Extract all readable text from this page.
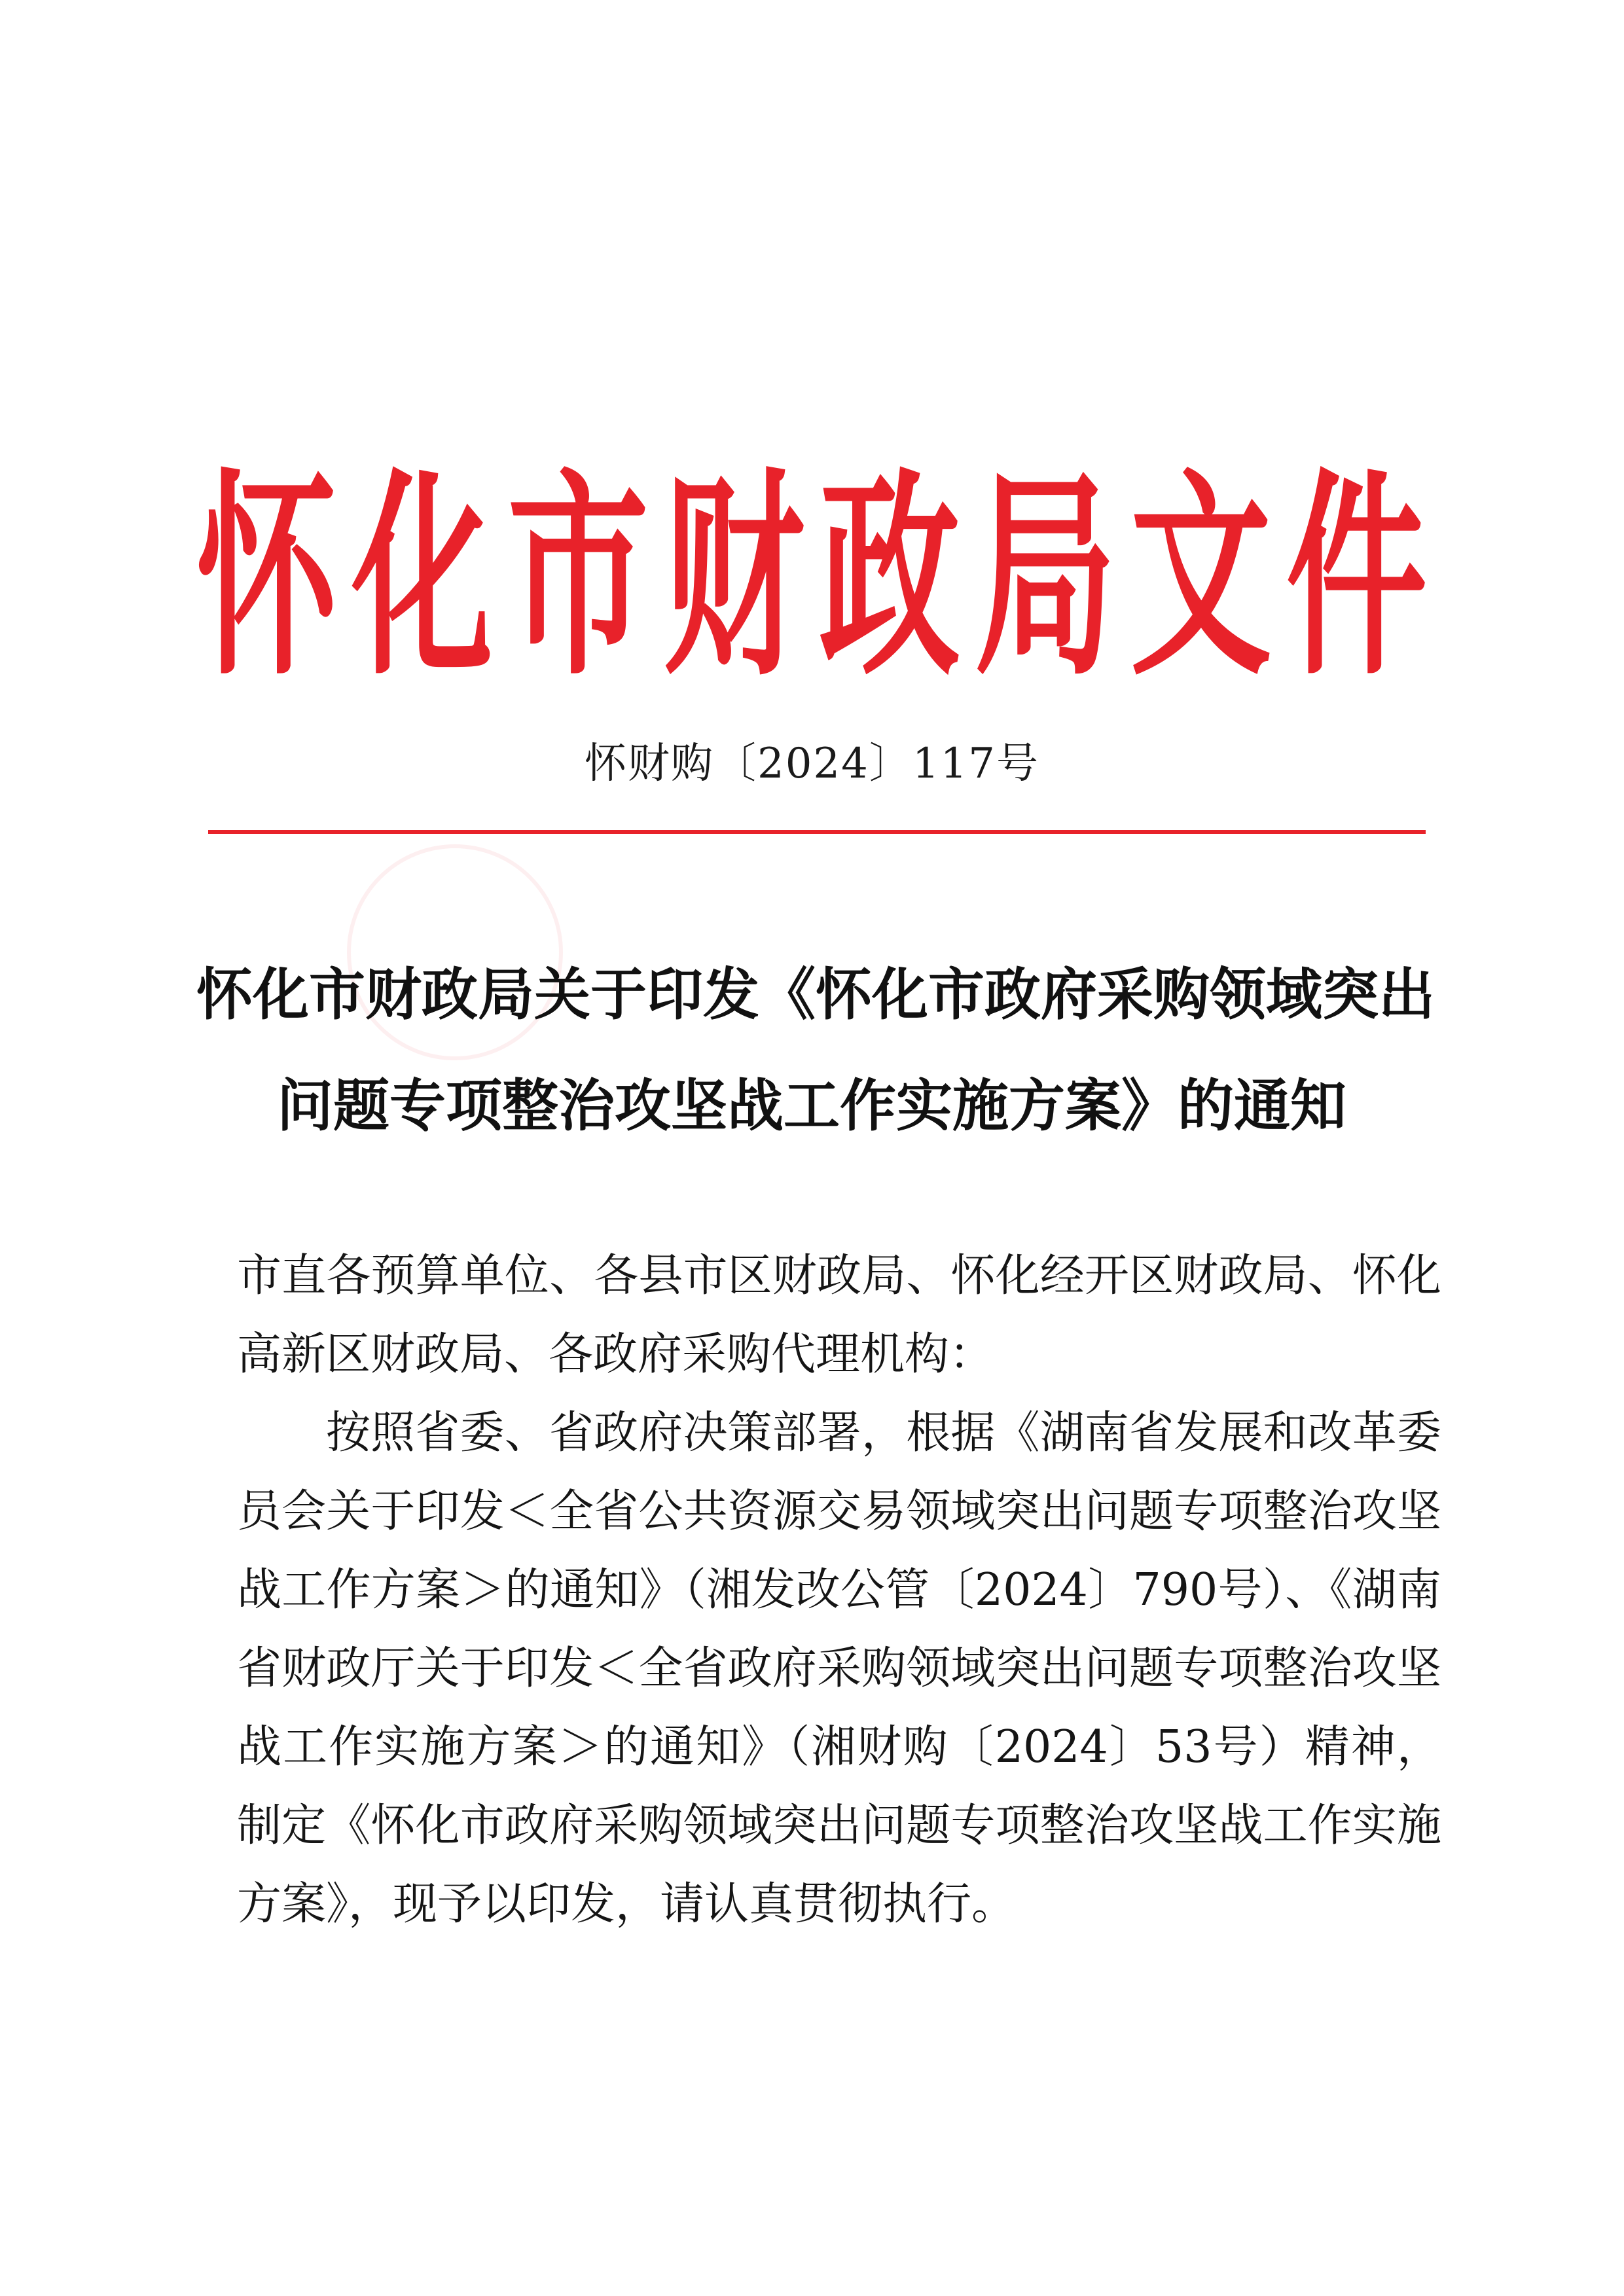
怀 化 市 财 政 局 文 件
怀财购〔2024〕117号
怀化市财政局关于印发《怀化市政府采购领域突出
问题专项整治攻坚战工作实施方案》的通知

市直各预算单位、各县市区财政局、怀化经开区财政局、怀化高新区财政局、各政府采购代理机构：

按照省委、省政府决策部署，根据《湖南省发展和改革委员会关于印发＜全省公共资源交易领域突出问题专项整治攻坚战工作方案＞的通知》（湘发改公管〔2024〕790号）、《湖南省财政厅关于印发＜全省政府采购领域突出问题专项整治攻坚战工作实施方案＞的通知》（湘财购〔2024〕53号）精神，制定《怀化市政府采购领域突出问题专项整治攻坚战工作实施方案》，现予以印发，请认真贯彻执行。
